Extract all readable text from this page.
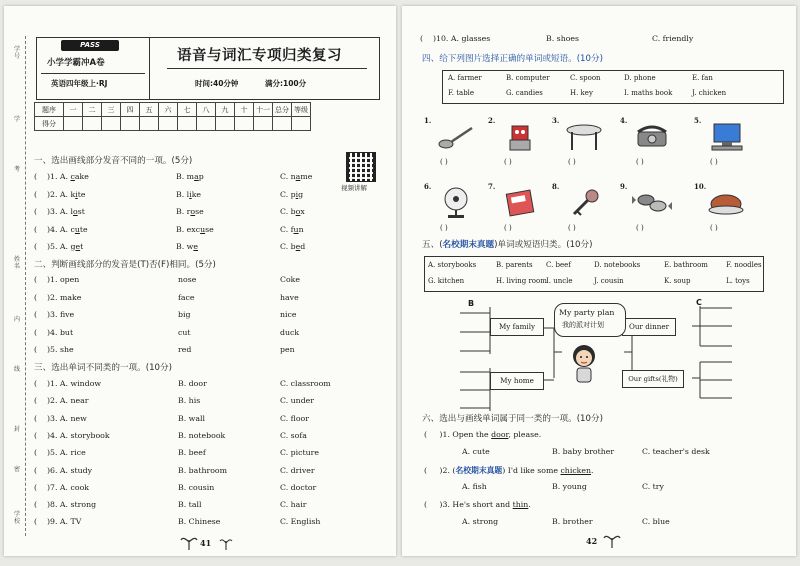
学号
学
考
姓名
内
线
封
密
学校
PASS
小学学霸冲A卷
英语四年级上·RJ
语音与词汇专项归类复习
时间:40分钟	满分:100分
题序	一	二	三	四	五	六	七	八	九	十	十一	总分	等级
得分													
视频讲解
一、选出画线部分发音不同的一项。(5分)
二、判断画线部分的发音是(T)否(F)相同。(5分)
三、选出单词不同类的一项。(10分)
41
(    )1. A. cake	B. map	C. name
(    )2. A. kite	B. like	C. pig
(    )3. A. lost	B. rose	C. box
(    )4. A. cute	B. excuse	C. fun
(    )5. A. get	B. we	C. bed
(    )1. open	nose	Coke
(    )2. make	face	have
(    )3. five	big	nice
(    )4. but	cut	duck
(    )5. she	red	pen
(    )1. A. window	B. door	C. classroom
(    )2. A. near	B. his	C. under
(    )3. A. new	B. wall	C. floor
(    )4. A. storybook	B. notebook	C. sofa
(    )5. A. rice	B. beef	C. picture
(    )6. A. study	B. bathroom	C. driver
(    )7. A. cook	B. cousin	C. doctor
(    )8. A. strong	B. tall	C. hair
(    )9. A. TV	B. Chinese	C. English
(    )10. A. glasses	B. shoes	C. friendly
四、给下列图片选择正确的单词或短语。(10分)
五、(名校期末真题)单词或短语归类。(10分)
B	C
My family
My home
Our dinner
Our gifts(礼物)
My party plan
我的派对计划
六、选出与画线单词属于同一类的一项。(10分)
42
A. farmer	B. computer	C. spoon	D. phone	E. fan
F. table	G. candies	H. key	I. maths book	J. chicken
1.
( )
2.
( )
3.
( )
4.
( )
5.
( )
6.
( )
7.
( )
8.
( )
9.
( )
10.
( )
A. storybooks	B. parents C. beef	D. notebooks	E. bathroom	F. noodles
G. kitchen	H. living room I. uncle	J. cousin	K. soup	L. toys
(     )1. Open the door, please.
A. cute	B. baby brother	C. teacher's desk
(     )2. (名校期末真题) I'd like some chicken.
A. fish	B. young	C. try
(     )3. He's short and thin.
A. strong	B. brother	C. blue
